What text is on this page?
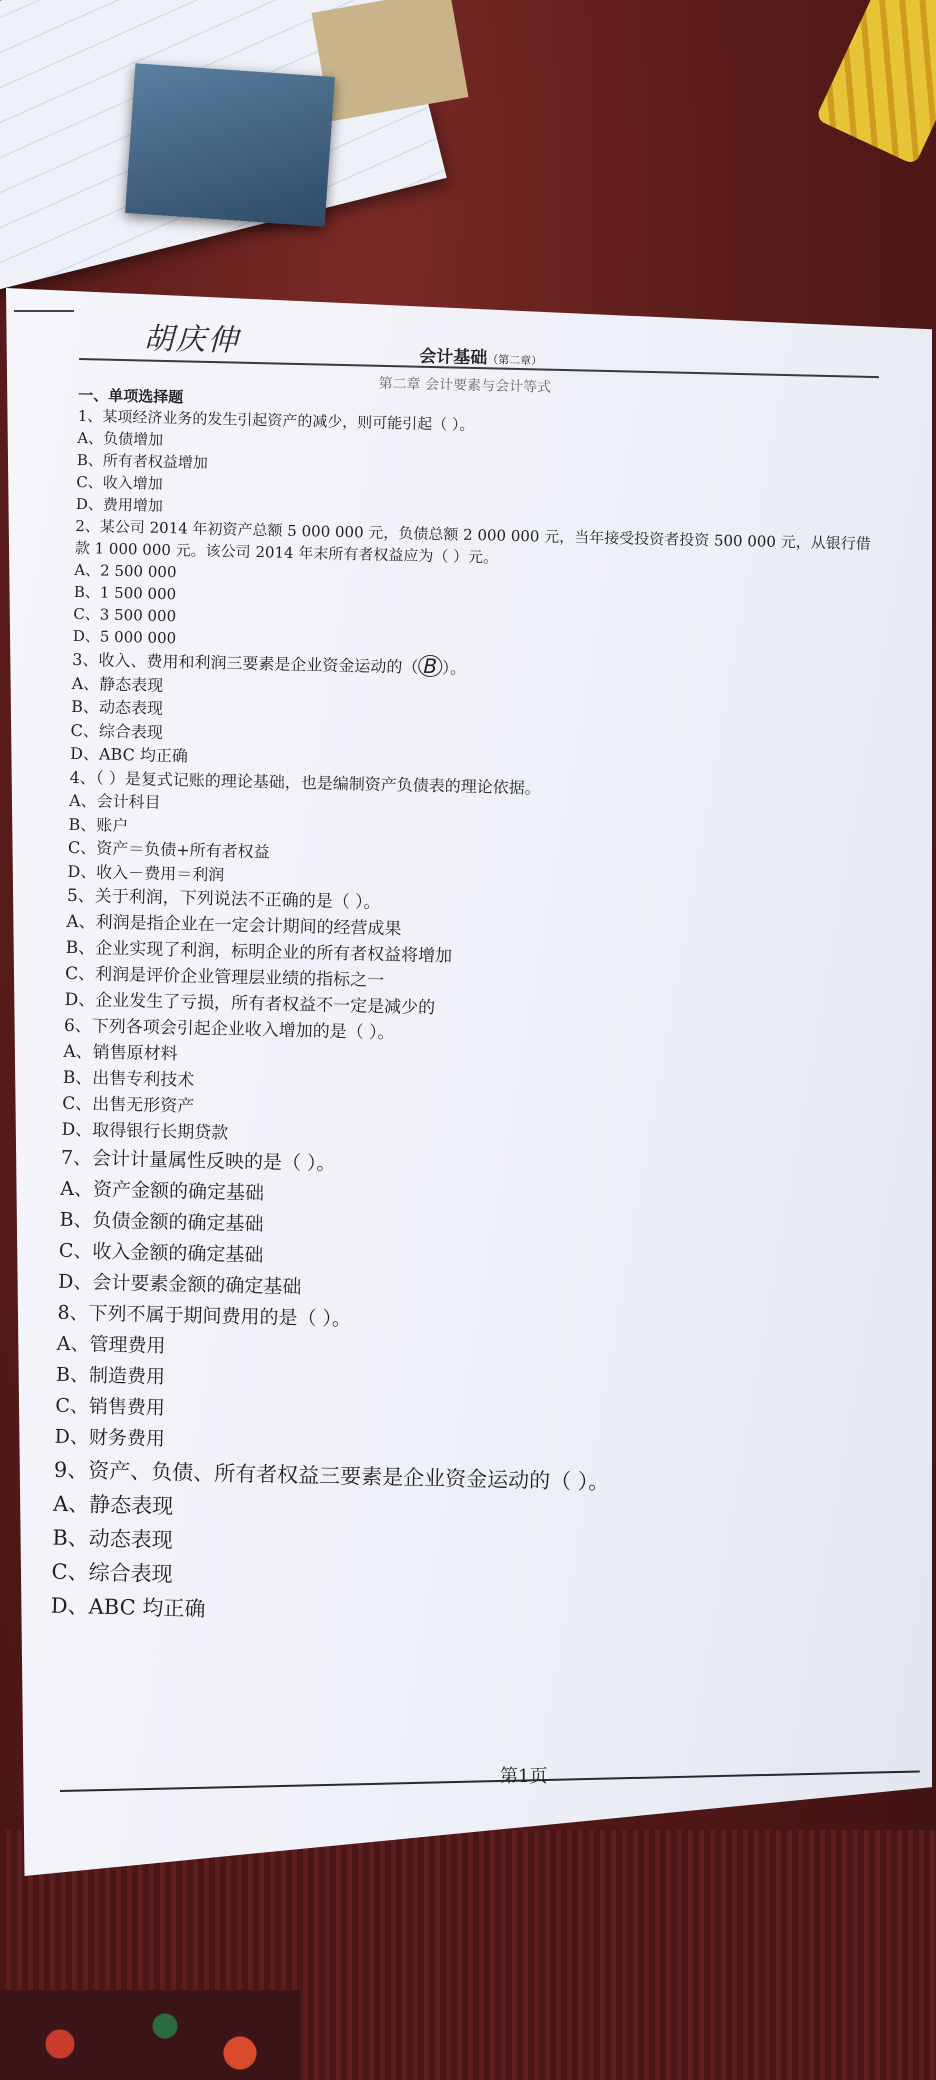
胡庆伸	会计基础（第二章）
第二章 会计要素与会计等式

一、单项选择题

1、某项经济业务的发生引起资产的减少，则可能引起（ ）。

A、负债增加

B、所有者权益增加

C、收入增加

D、费用增加

2、某公司 2014 年初资产总额 5 000 000 元，负债总额 2 000 000 元，当年接受投资者投资 500 000 元，从银行借款 1 000 000 元。该公司 2014 年末所有者权益应为（ ）元。

A、2 500 000

B、1 500 000

C、3 500 000

D、5 000 000

3、收入、费用和利润三要素是企业资金运动的（ B ）。

A、静态表现

B、动态表现

C、综合表现

D、ABC 均正确

4、（ ）是复式记账的理论基础，也是编制资产负债表的理论依据。

A、会计科目

B、账户

C、资产＝负债+所有者权益

D、收入－费用＝利润

5、关于利润，下列说法不正确的是（ ）。

A、利润是指企业在一定会计期间的经营成果

B、企业实现了利润，标明企业的所有者权益将增加

C、利润是评价企业管理层业绩的指标之一

D、企业发生了亏损，所有者权益不一定是减少的

6、下列各项会引起企业收入增加的是（ ）。

A、销售原材料

B、出售专利技术

C、出售无形资产

D、取得银行长期贷款

7、会计计量属性反映的是（ ）。

A、资产金额的确定基础

B、负债金额的确定基础

C、收入金额的确定基础

D、会计要素金额的确定基础

8、下列不属于期间费用的是（ ）。

A、管理费用

B、制造费用

C、销售费用

D、财务费用

9、资产、负债、所有者权益三要素是企业资金运动的（ ）。

A、静态表现

B、动态表现

C、综合表现

D、ABC 均正确

第1页
